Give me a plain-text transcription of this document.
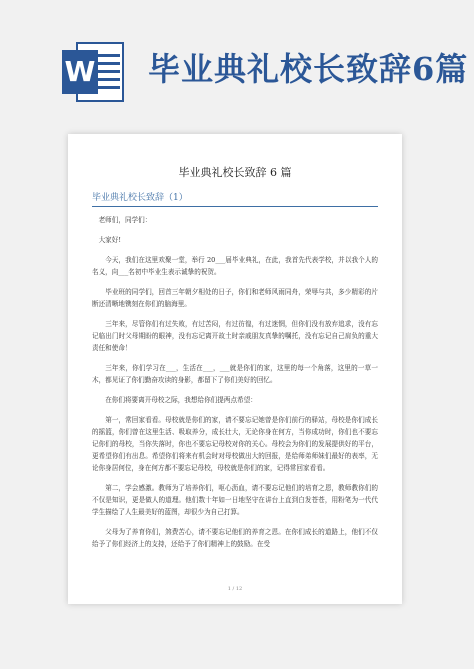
W 毕业典礼校长致辞6篇
毕业典礼校长致辞 6 篇
毕业典礼校长致辞（1）

老师们，同学们：

大家好!

今天，我们在这里欢聚一堂，举行 20___届毕业典礼，在此，我首先代表学校，并以我个人的名义，向___名初中毕业生表示诚挚的祝贺。

毕业班的同学们，回首三年朝夕相处的日子，你们和老师风雨同舟，荣辱与共，多少精彩的片断还清晰地镌刻在你们的脑海里。

三年来，尽管你们有过失败，有过苦闷，有过彷徨，有过迷惘，但你们没有放弃追求，没有忘记临出门时父母期盼的眼神，没有忘记离开故土时亲戚朋友真挚的嘱托，没有忘记自己肩负的重大责任和使命！

三年来，你们学习在___，生活在___，___就是你们的家，这里的每一个角落，这里的一草一木，都见证了你们勤奋攻读的身影，都留下了你们美好的回忆。

在你们将要离开母校之际，我想给你们提两点希望：

第一，常回家看看。母校就是你们的家，请不要忘记她曾是你们前行的驿站，母校是你们成长的摇篮，你们曾在这里生活、吸取养分，成长壮大，无论你身在何方，当你成功时，你们也不要忘记你们的母校，当你失落时，你也不要忘记母校对你的关心。母校会为你们的发展提供好的平台，更希望你们有出息。希望你们将来有机会时对母校做出大的回报，是给师弟师妹们最好的表率，无论你身居何位，身在何方都不要忘记母校，母校就是你们的家，记得常回家看看。

第二，学会感激。教师为了培养你们，呕心沥血，请不要忘记他们的培育之恩，教师教你们的不仅是知识，更是做人的道理。他们数十年如一日地坚守在讲台上直到白发苍苍，用粉笔为一代代学生描绘了人生最美好的蓝图，却很少为自己打算。

父母为了养育你们，煞费苦心，请不要忘记他们的养育之恩。在你们成长的道路上，他们不仅给予了你们经济上的支持，还给予了你们精神上的鼓励。在受

1 / 12
